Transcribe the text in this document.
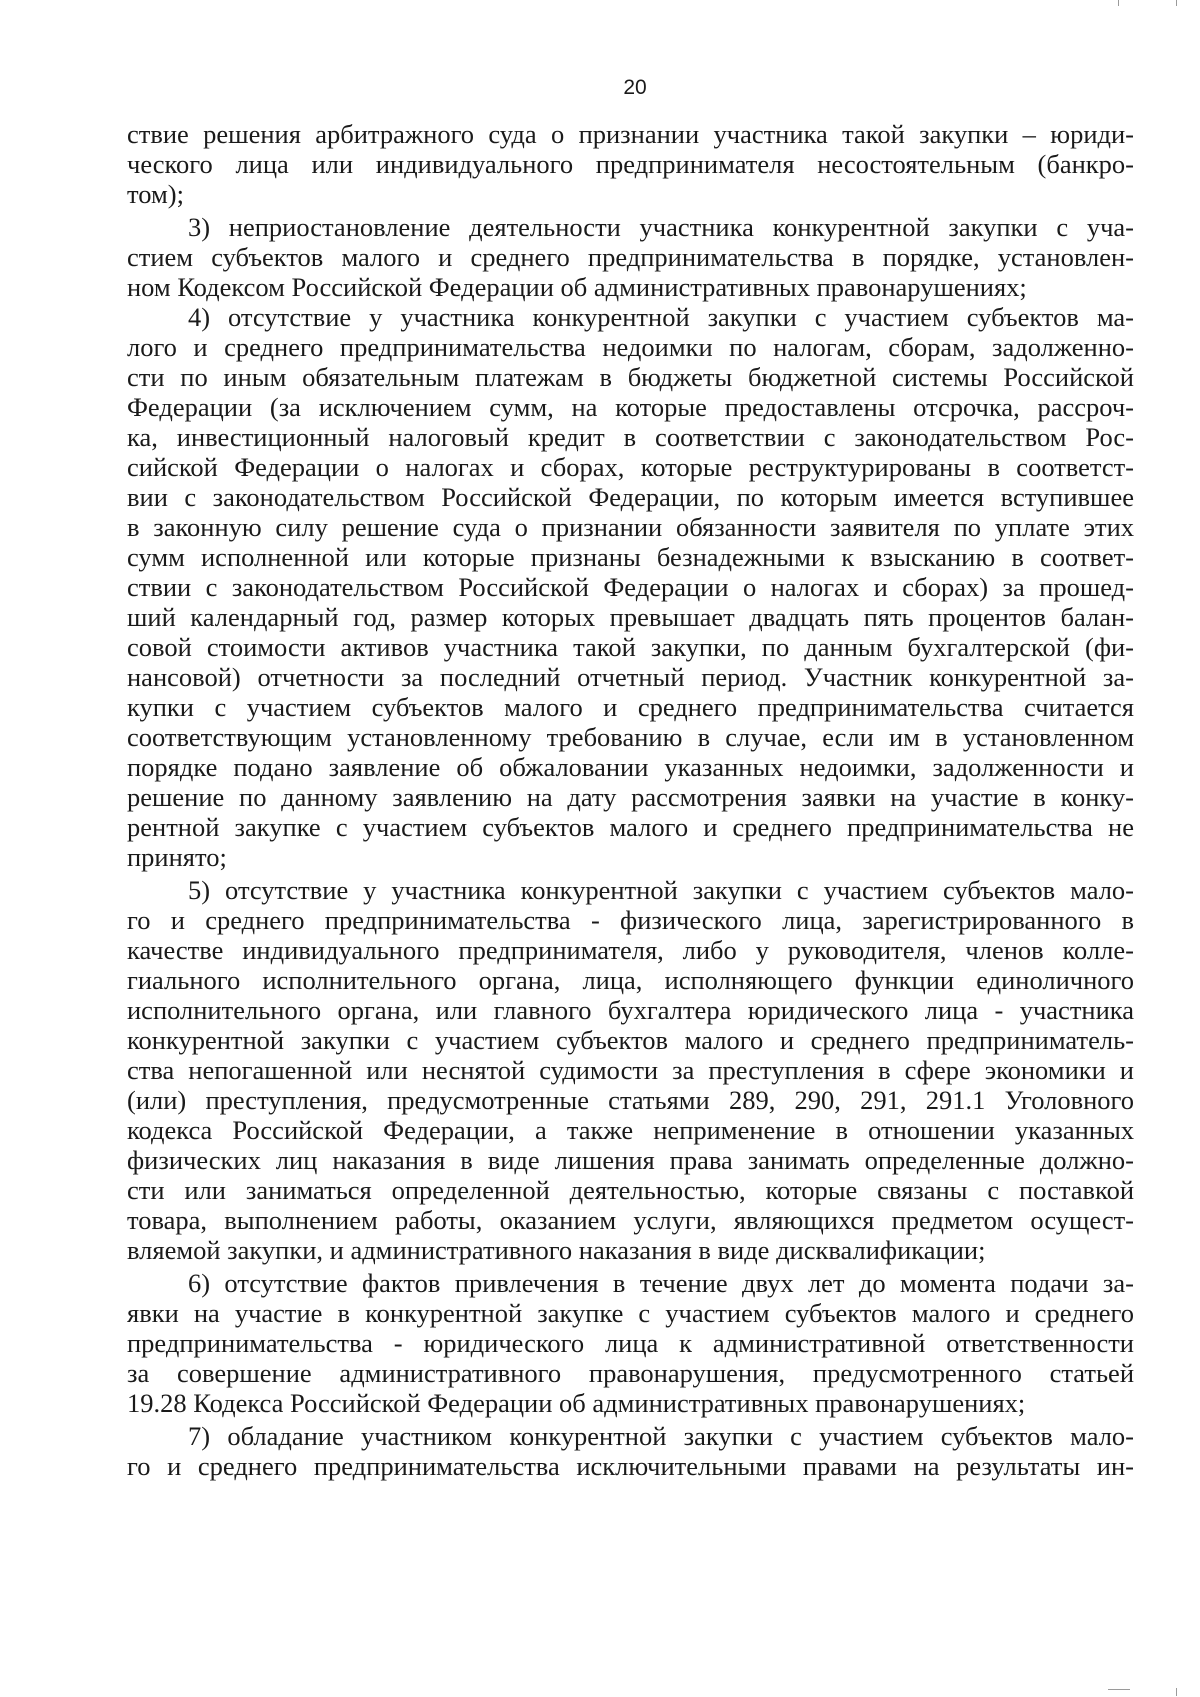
20
ствие решения арбитражного суда о признании участника такой закупки – юриди-
ческого лица или индивидуального предпринимателя несостоятельным (банкро-
том);
3) неприостановление деятельности участника конкурентной закупки с уча-
стием субъектов малого и среднего предпринимательства в порядке, установлен-
ном Кодексом Российской Федерации об административных правонарушениях;
4) отсутствие у участника конкурентной закупки с участием субъектов ма-
лого и среднего предпринимательства недоимки по налогам, сборам, задолженно-
сти по иным обязательным платежам в бюджеты бюджетной системы Российской
Федерации (за исключением сумм, на которые предоставлены отсрочка, рассроч-
ка, инвестиционный налоговый кредит в соответствии с законодательством Рос-
сийской Федерации о налогах и сборах, которые реструктурированы в соответст-
вии с законодательством Российской Федерации, по которым имеется вступившее
в законную силу решение суда о признании обязанности заявителя по уплате этих
сумм исполненной или которые признаны безнадежными к взысканию в соответ-
ствии с законодательством Российской Федерации о налогах и сборах) за прошед-
ший календарный год, размер которых превышает двадцать пять процентов балан-
совой стоимости активов участника такой закупки, по данным бухгалтерской (фи-
нансовой) отчетности за последний отчетный период. Участник конкурентной за-
купки с участием субъектов малого и среднего предпринимательства считается
соответствующим установленному требованию в случае, если им в установленном
порядке подано заявление об обжаловании указанных недоимки, задолженности и
решение по данному заявлению на дату рассмотрения заявки на участие в конку-
рентной закупке с участием субъектов малого и среднего предпринимательства не
принято;
5) отсутствие у участника конкурентной закупки с участием субъектов мало-
го и среднего предпринимательства - физического лица, зарегистрированного в
качестве индивидуального предпринимателя, либо у руководителя, членов колле-
гиального исполнительного органа, лица, исполняющего функции единоличного
исполнительного органа, или главного бухгалтера юридического лица - участника
конкурентной закупки с участием субъектов малого и среднего предприниматель-
ства непогашенной или неснятой судимости за преступления в сфере экономики и
(или) преступления, предусмотренные статьями 289, 290, 291, 291.1 Уголовного
кодекса Российской Федерации, а также неприменение в отношении указанных
физических лиц наказания в виде лишения права занимать определенные должно-
сти или заниматься определенной деятельностью, которые связаны с поставкой
товара, выполнением работы, оказанием услуги, являющихся предметом осущест-
вляемой закупки, и административного наказания в виде дисквалификации;
6) отсутствие фактов привлечения в течение двух лет до момента подачи за-
явки на участие в конкурентной закупке с участием субъектов малого и среднего
предпринимательства - юридического лица к административной ответственности
за совершение административного правонарушения, предусмотренного статьей
19.28 Кодекса Российской Федерации об административных правонарушениях;
7) обладание участником конкурентной закупки с участием субъектов мало-
го и среднего предпринимательства исключительными правами на результаты ин-
